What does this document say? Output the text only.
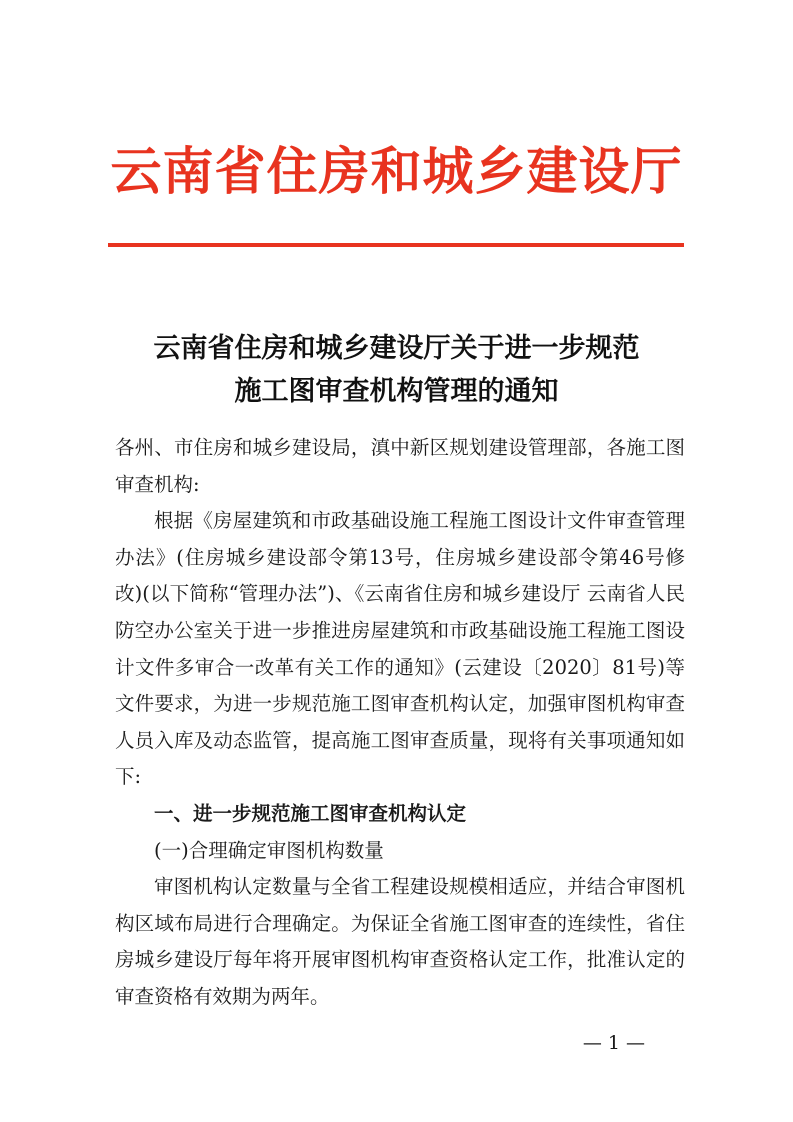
云南省住房和城乡建设厅
云南省住房和城乡建设厅关于进一步规范
施工图审查机构管理的通知

各州、市住房和城乡建设局，滇中新区规划建设管理部，各施工图审查机构:

根据《房屋建筑和市政基础设施工程施工图设计文件审查管理办法》(住房城乡建设部令第13号，住房城乡建设部令第46号修改)(以下简称“管理办法”)、《云南省住房和城乡建设厅 云南省人民防空办公室关于进一步推进房屋建筑和市政基础设施工程施工图设计文件多审合一改革有关工作的通知》(云建设〔2020〕81号)等文件要求，为进一步规范施工图审查机构认定，加强审图机构审查人员入库及动态监管，提高施工图审查质量，现将有关事项通知如下:

一、进一步规范施工图审查机构认定

(一)合理确定审图机构数量

审图机构认定数量与全省工程建设规模相适应，并结合审图机构区域布局进行合理确定。为保证全省施工图审查的连续性，省住房城乡建设厅每年将开展审图机构审查资格认定工作，批准认定的审查资格有效期为两年。

— 1 —
